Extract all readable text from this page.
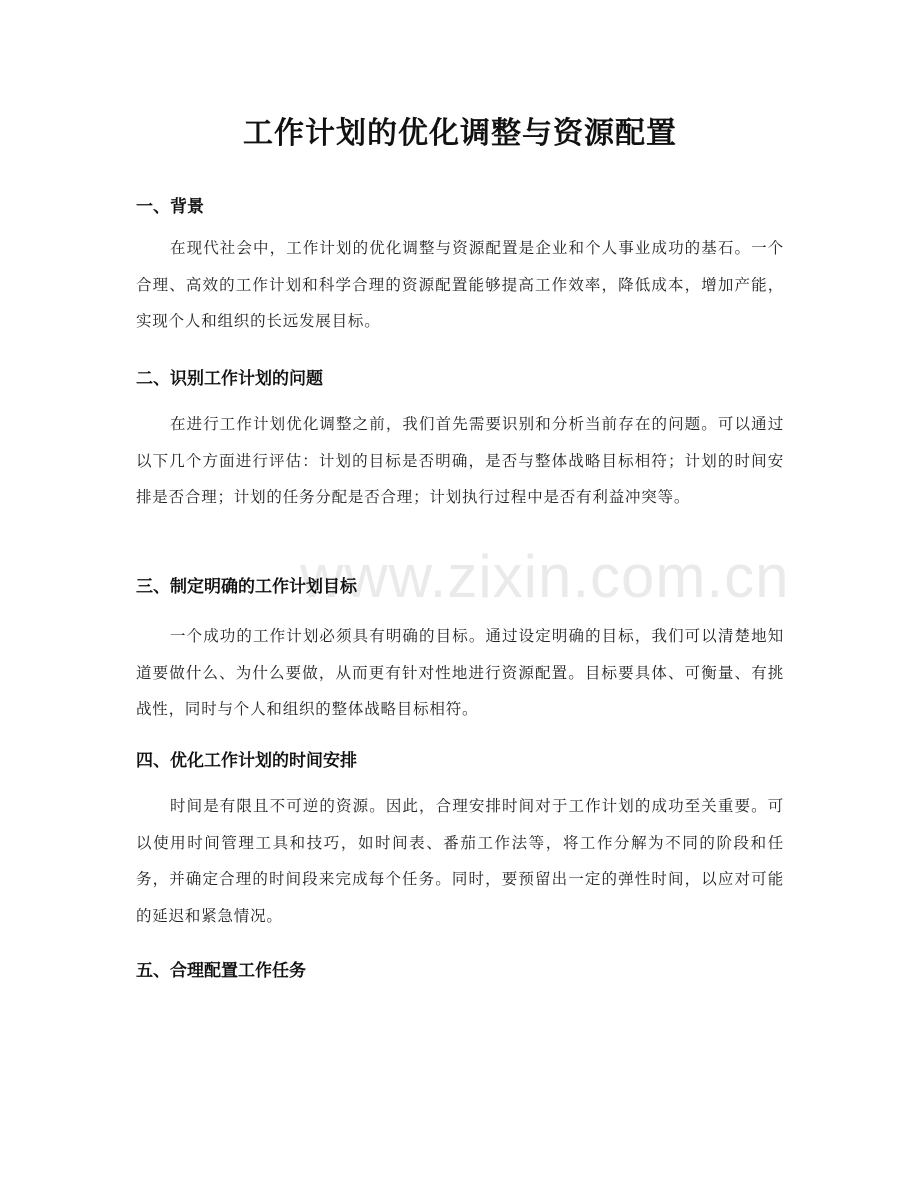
www.zixin.com.cn
工作计划的优化调整与资源配置
一、背景
在现代社会中，工作计划的优化调整与资源配置是企业和个人事业成功的基石。一个合理、高效的工作计划和科学合理的资源配置能够提高工作效率，降低成本，增加产能，实现个人和组织的长远发展目标。
二、识别工作计划的问题
在进行工作计划优化调整之前，我们首先需要识别和分析当前存在的问题。可以通过以下几个方面进行评估：计划的目标是否明确，是否与整体战略目标相符；计划的时间安排是否合理；计划的任务分配是否合理；计划执行过程中是否有利益冲突等。
三、制定明确的工作计划目标
一个成功的工作计划必须具有明确的目标。通过设定明确的目标，我们可以清楚地知道要做什么、为什么要做，从而更有针对性地进行资源配置。目标要具体、可衡量、有挑战性，同时与个人和组织的整体战略目标相符。
四、优化工作计划的时间安排
时间是有限且不可逆的资源。因此，合理安排时间对于工作计划的成功至关重要。可以使用时间管理工具和技巧，如时间表、番茄工作法等，将工作分解为不同的阶段和任务，并确定合理的时间段来完成每个任务。同时，要预留出一定的弹性时间，以应对可能的延迟和紧急情况。
五、合理配置工作任务
